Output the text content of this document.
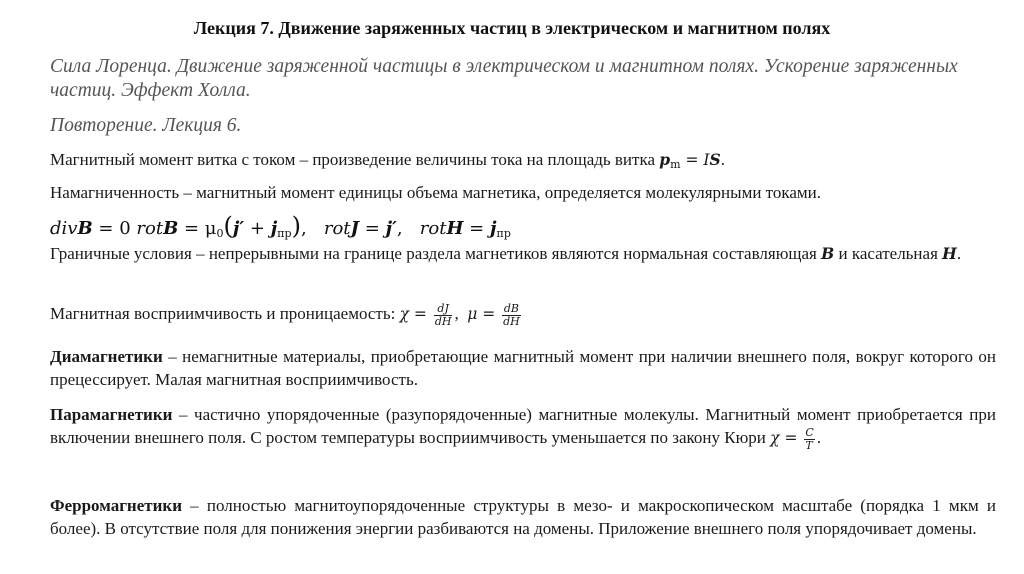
Лекция 7. Движение заряженных частиц в электрическом и магнитном полях
Сила Лоренца. Движение заряженной частицы в электрическом и магнитном полях. Ускорение заряженных частиц. Эффект Холла.
Повторение. Лекция 6.
Магнитный момент витка с током – произведение величины тока на площадь витка $p_m$ = IS.
Намагниченность – магнитный момент единицы объема магнетика, определяется молекулярными токами.
divB = 0 rotB = $\mu_0(j' + j_{пр})$,   rotJ = j′,   rotH = $j_{пр}$
Граничные условия – непрерывными на границе раздела магнетиков являются нормальная составляющая B и касательная H.
Магнитная восприимчивость и проницаемость: $\chi = \frac{dJ}{dH}$ ,  $\mu = \frac{dB}{dH}$
Диамагнетики – немагнитные материалы, приобретающие магнитный момент при наличии внешнего поля, вокруг которого он прецессирует. Малая магнитная восприимчивость.
Парамагнетики – частично упорядоченные (разупорядоченные) магнитные молекулы. Магнитный момент приобретается при включении внешнего поля. С ростом температуры восприимчивость уменьшается по закону Кюри $\chi = \frac{C}{T}$ .
Ферромагнетики – полностью магнитоупорядоченные структуры в мезо- и макроскопическом масштабе (порядка 1 мкм и более). В отсутствие поля для понижения энергии разбиваются на домены. Приложение внешнего поля упорядочивает домены.
